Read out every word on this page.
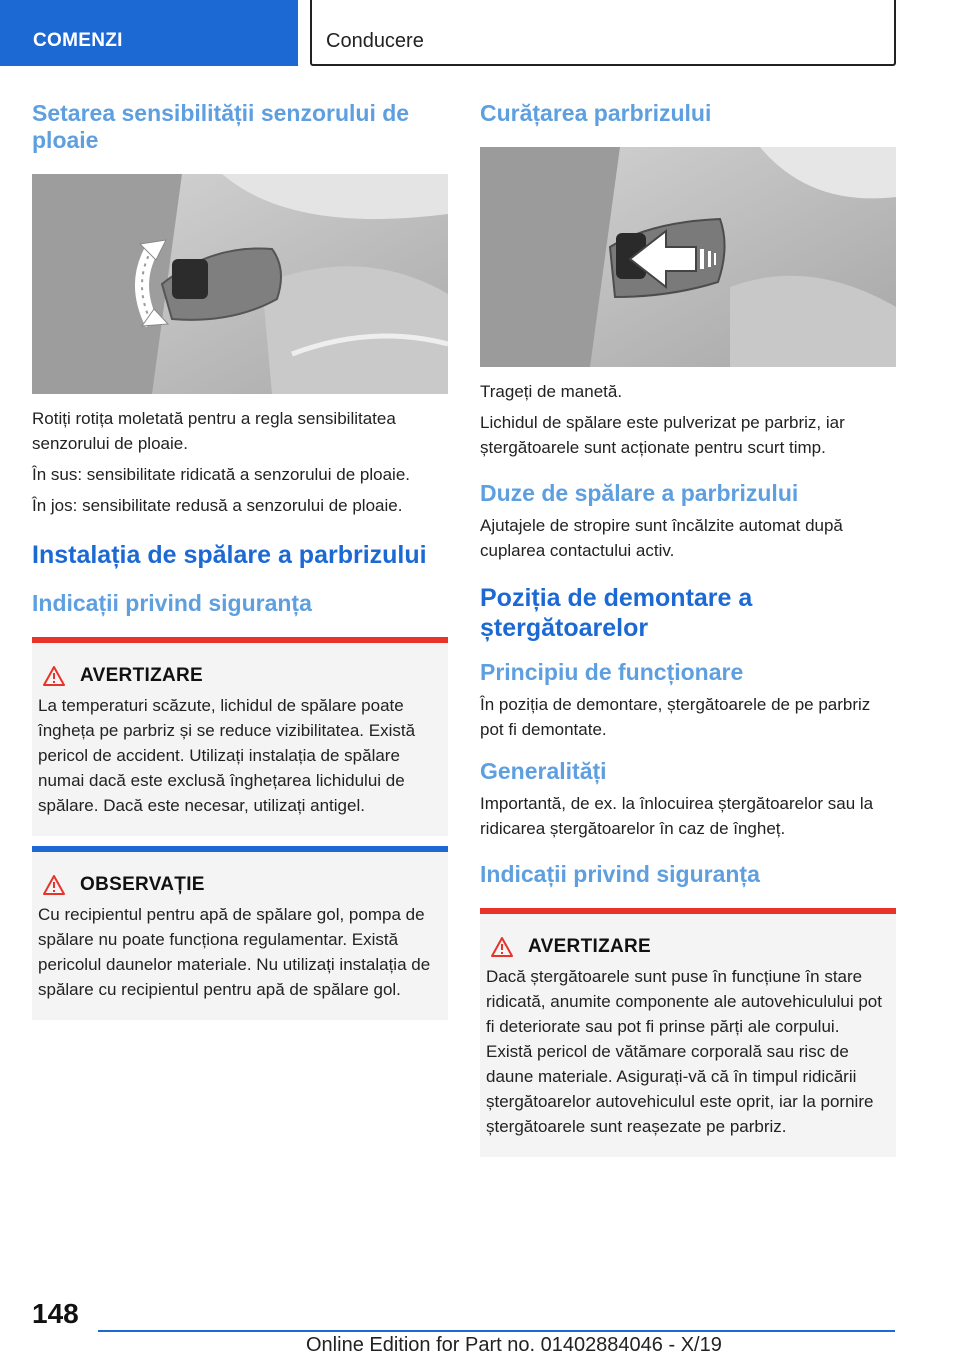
COMENZI	Conducere
Setarea sensibilității senzorului de ploaie

Rotiți rotița moletată pentru a regla sensibilitatea senzorului de ploaie.

În sus: sensibilitate ridicată a senzorului de ploaie.

În jos: sensibilitate redusă a senzorului de ploaie.

Instalația de spălare a parbrizului
Indicații privind siguranța
AVERTIZARE
La temperaturi scăzute, lichidul de spălare poate îngheța pe parbriz și se reduce vizibilitatea. Există pericol de accident. Utilizați instalația de spălare numai dacă este exclusă înghețarea lichidului de spălare. Dacă este necesar, utilizați antigel.
OBSERVAȚIE
Cu recipientul pentru apă de spălare gol, pompa de spălare nu poate funcționa regulamentar. Există pericolul daunelor materiale. Nu utilizați instalația de spălare cu recipientul pentru apă de spălare gol.
Curățarea parbrizului

Trageți de manetă.

Lichidul de spălare este pulverizat pe parbriz, iar ștergătoarele sunt acționate pentru scurt timp.

Duze de spălare a parbrizului

Ajutajele de stropire sunt încălzite automat după cuplarea contactului activ.

Poziția de demontare a ștergătoarelor
Principiu de funcționare

În poziția de demontare, ștergătoarele de pe parbriz pot fi demontate.

Generalități

Importantă, de ex. la înlocuirea ștergătoarelor sau la ridicarea ștergătoarelor în caz de îngheț.

Indicații privind siguranța
AVERTIZARE
Dacă ștergătoarele sunt puse în funcțiune în stare ridicată, anumite componente ale autovehiculului pot fi deteriorate sau pot fi prinse părți ale corpului. Există pericol de vătămare corporală sau risc de daune materiale. Asigurați-vă că în timpul ridicării ștergătoarelor autovehiculul este oprit, iar la pornire ștergătoarele sunt reașezate pe parbriz.
148
Online Edition for Part no. 01402884046 - X/19
